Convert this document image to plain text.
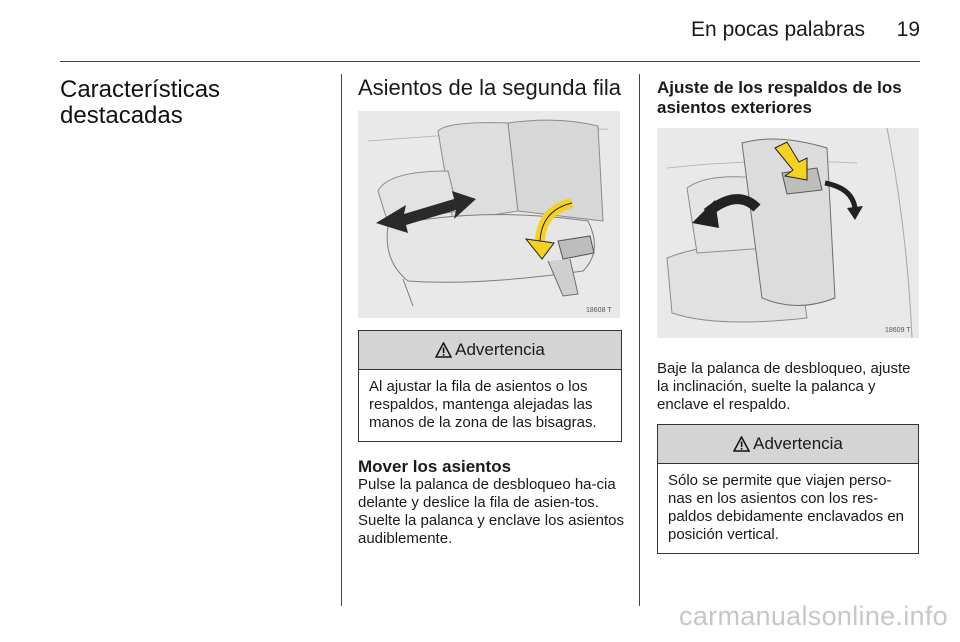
En pocas palabras 19
Características destacadas
Asientos de la segunda fila
18608 T
Advertencia
Al ajustar la fila de asientos o los respaldos, mantenga alejadas las manos de la zona de las bisagras.
Mover los asientos
Pulse la palanca de desbloqueo ha-cia delante y deslice la fila de asien-tos. Suelte la palanca y enclave los asientos audiblemente.
Ajuste de los respaldos de los asientos exteriores
18609 T
Baje la palanca de desbloqueo, ajuste la inclinación, suelte la palanca y enclave el respaldo.
Advertencia
Sólo se permite que viajen perso-nas en los asientos con los res-paldos debidamente enclavados en posición vertical.
carmanualsonline.info
